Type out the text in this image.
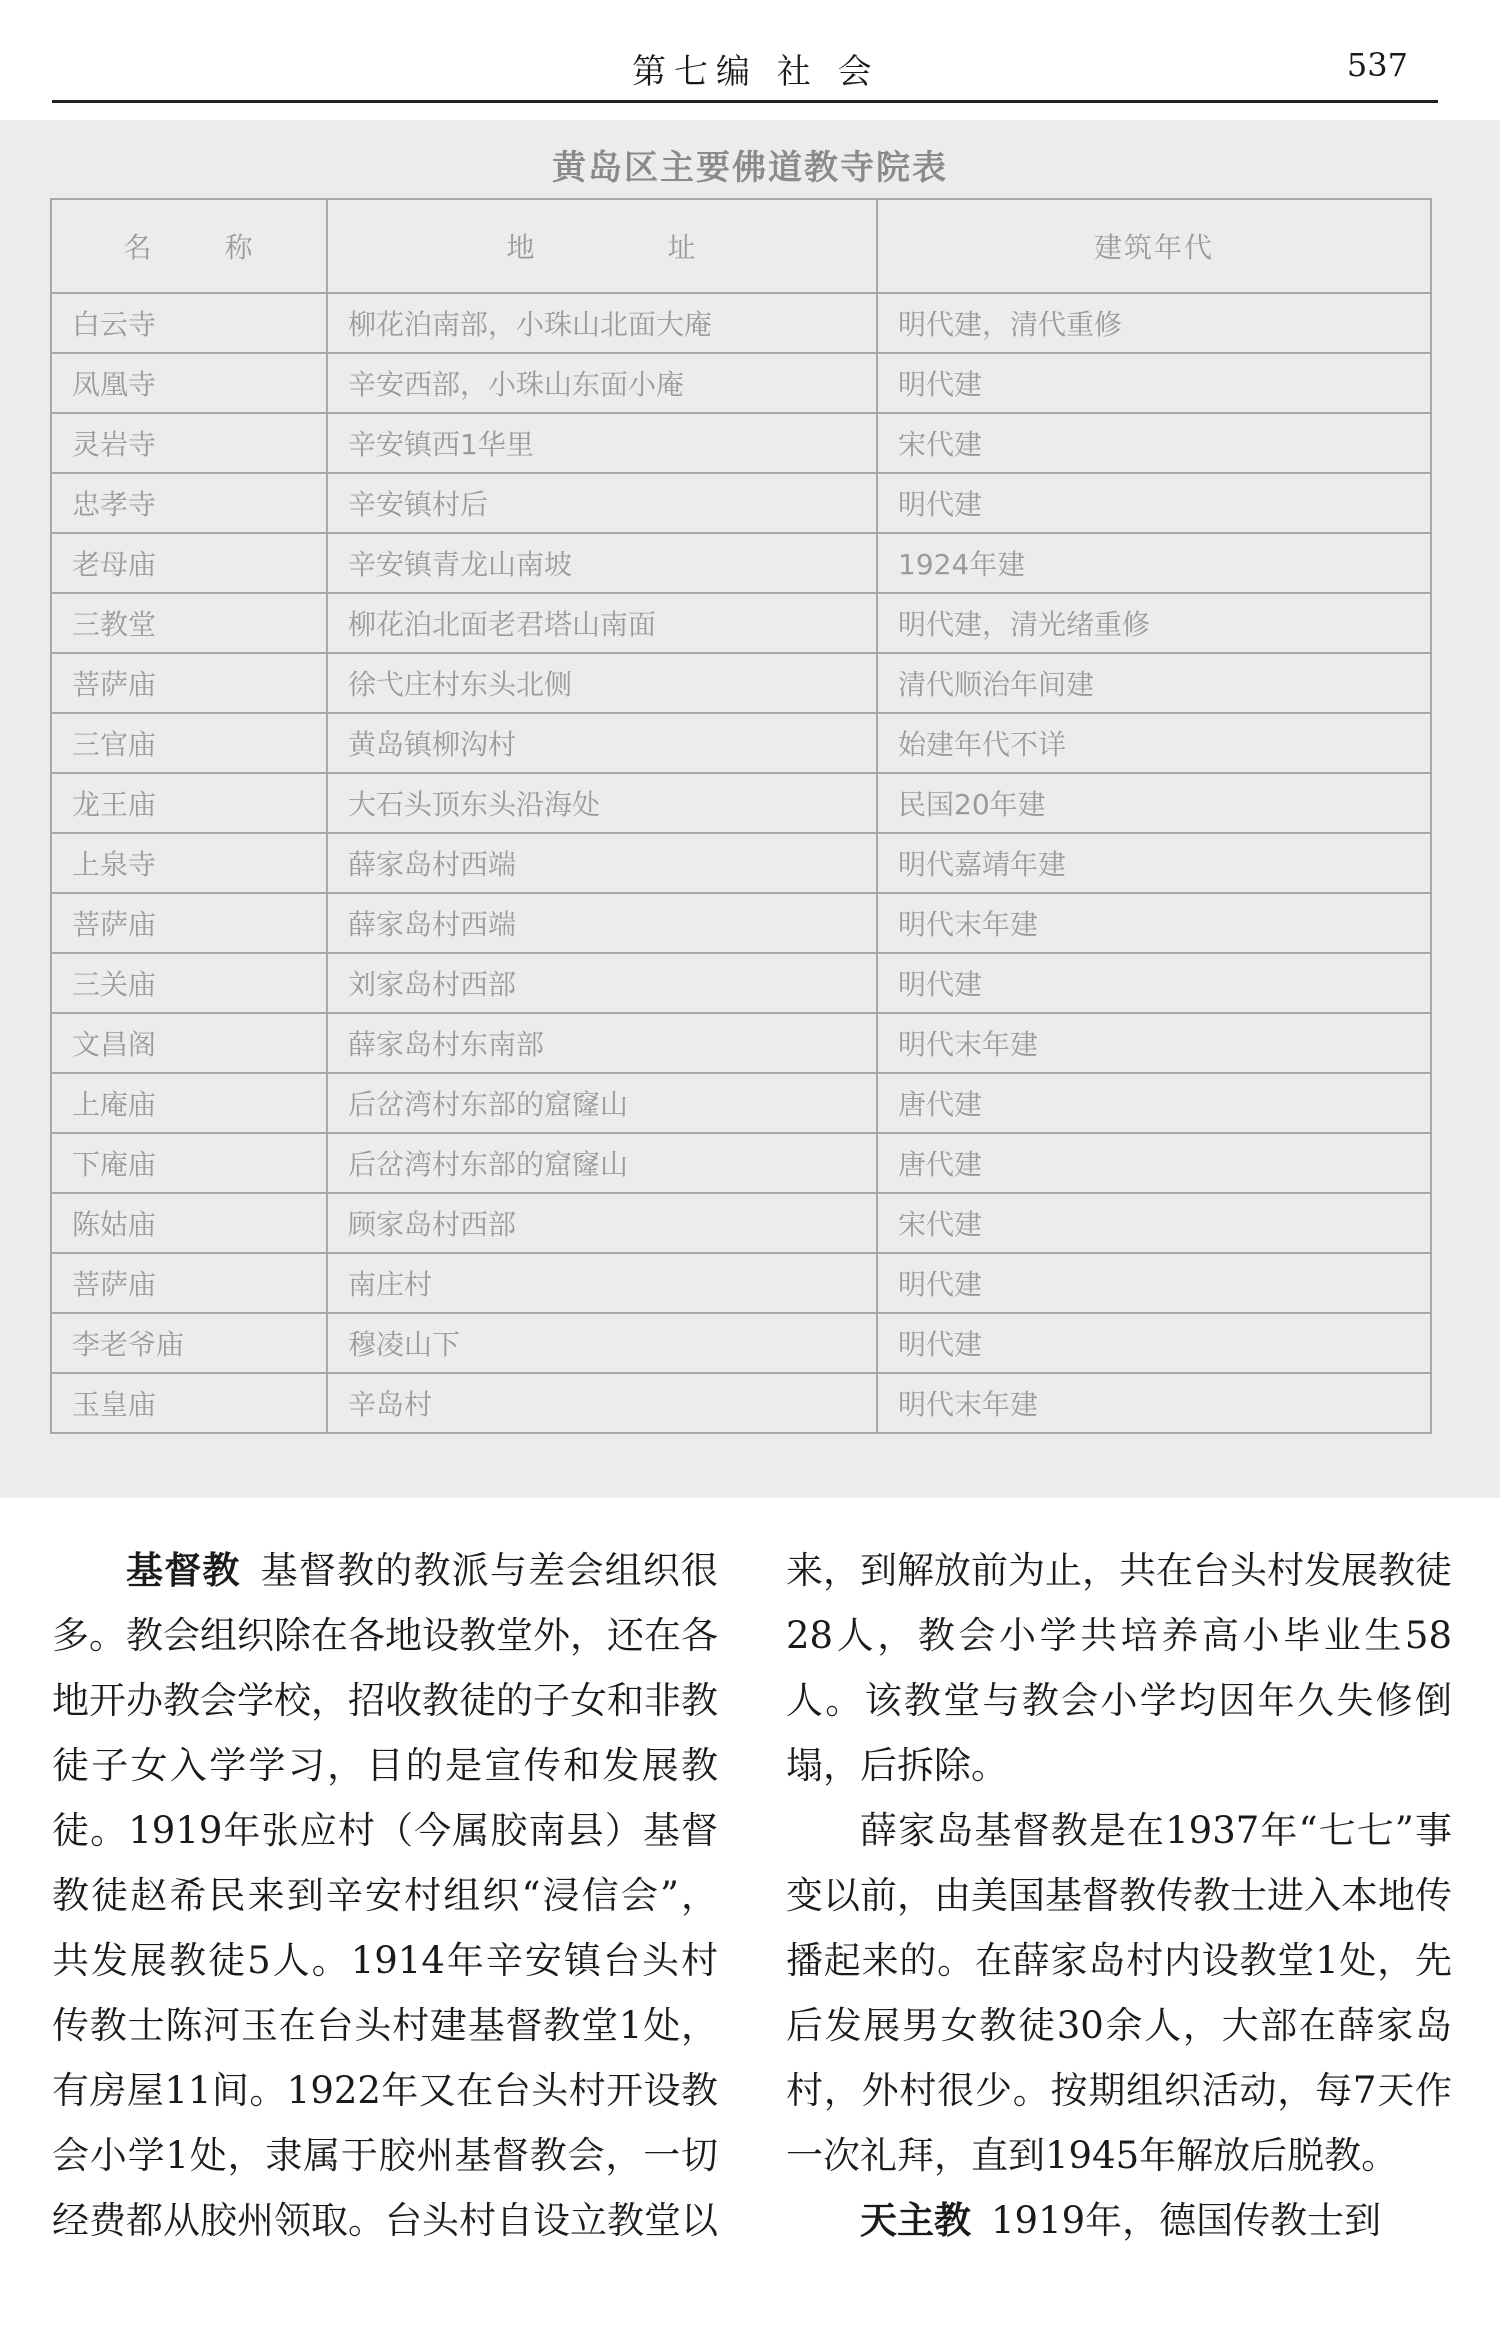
第七编 社 会	537
黄岛区主要佛道教寺院表
名 称	地 址	建筑年代
白云寺	柳花泊南部，小珠山北面大庵	明代建，清代重修
凤凰寺	辛安西部，小珠山东面小庵	明代建
灵岩寺	辛安镇西1华里	宋代建
忠孝寺	辛安镇村后	明代建
老母庙	辛安镇青龙山南坡	1924年建
三教堂	柳花泊北面老君塔山南面	明代建，清光绪重修
菩萨庙	徐弋庄村东头北侧	清代顺治年间建
三官庙	黄岛镇柳沟村	始建年代不详
龙王庙	大石头顶东头沿海处	民国20年建
上泉寺	薛家岛村西端	明代嘉靖年建
菩萨庙	薛家岛村西端	明代末年建
三关庙	刘家岛村西部	明代建
文昌阁	薛家岛村东南部	明代末年建
上庵庙	后岔湾村东部的窟窿山	唐代建
下庵庙	后岔湾村东部的窟窿山	唐代建
陈姑庙	顾家岛村西部	宋代建
菩萨庙	南庄村	明代建
李老爷庙	穆凌山下	明代建
玉皇庙	辛岛村	明代末年建

基督教 基督教的教派与差会组织很多。教会组织除在各地设教堂外，还在各地开办教会学校，招收教徒的子女和非教徒子女入学学习，目的是宣传和发展教徒。1919年张应村（今属胶南县）基督教徒赵希民来到辛安村组织“浸信会”，共发展教徒5人。1914年辛安镇台头村传教士陈河玉在台头村建基督教堂1处，有房屋11间。1922年又在台头村开设教会小学1处，隶属于胶州基督教会，一切经费都从胶州领取。台头村自设立教堂以

来，到解放前为止，共在台头村发展教徒28人，教会小学共培养高小毕业生58人。该教堂与教会小学均因年久失修倒塌，后拆除。

薛家岛基督教是在1937年“七七”事变以前，由美国基督教传教士进入本地传播起来的。在薛家岛村内设教堂1处，先后发展男女教徒30余人，大部在薛家岛村，外村很少。按期组织活动，每7天作一次礼拜，直到1945年解放后脱教。

天主教 1919年，德国传教士到
